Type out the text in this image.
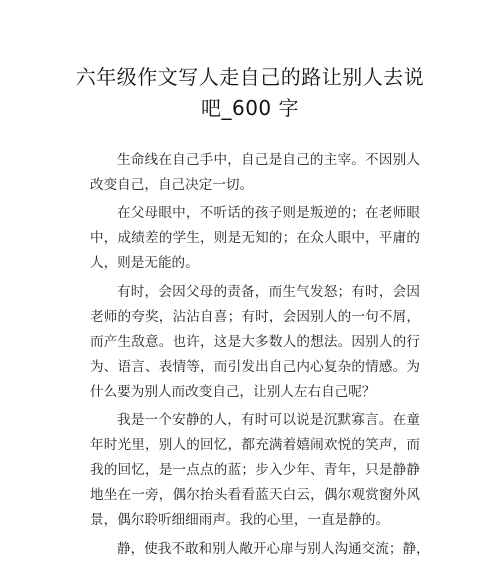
六年级作文写人走自己的路让别人去说
吧_600 字
生命线在自己手中，自己是自己的主宰。不因别人
改变自己，自己决定一切。
在父母眼中，不听话的孩子则是叛逆的；在老师眼
中，成绩差的学生，则是无知的；在众人眼中，平庸的
人，则是无能的。
有时，会因父母的责备，而生气发怒；有时，会因
老师的夸奖，沾沾自喜；有时，会因别人的一句不屑，
而产生敌意。也许，这是大多数人的想法。因别人的行
为、语言、表情等，而引发出自己内心复杂的情感。为
什么要为别人而改变自己，让别人左右自己呢？
我是一个安静的人，有时可以说是沉默寡言。在童
年时光里，别人的回忆，都充满着嬉闹欢悦的笑声，而
我的回忆，是一点点的蓝；步入少年、青年，只是静静
地坐在一旁，偶尔抬头看看蓝天白云，偶尔观赏窗外风
景，偶尔聆听细细雨声。我的心里，一直是静的。
静，使我不敢和别人敞开心扉与别人沟通交流；静，
